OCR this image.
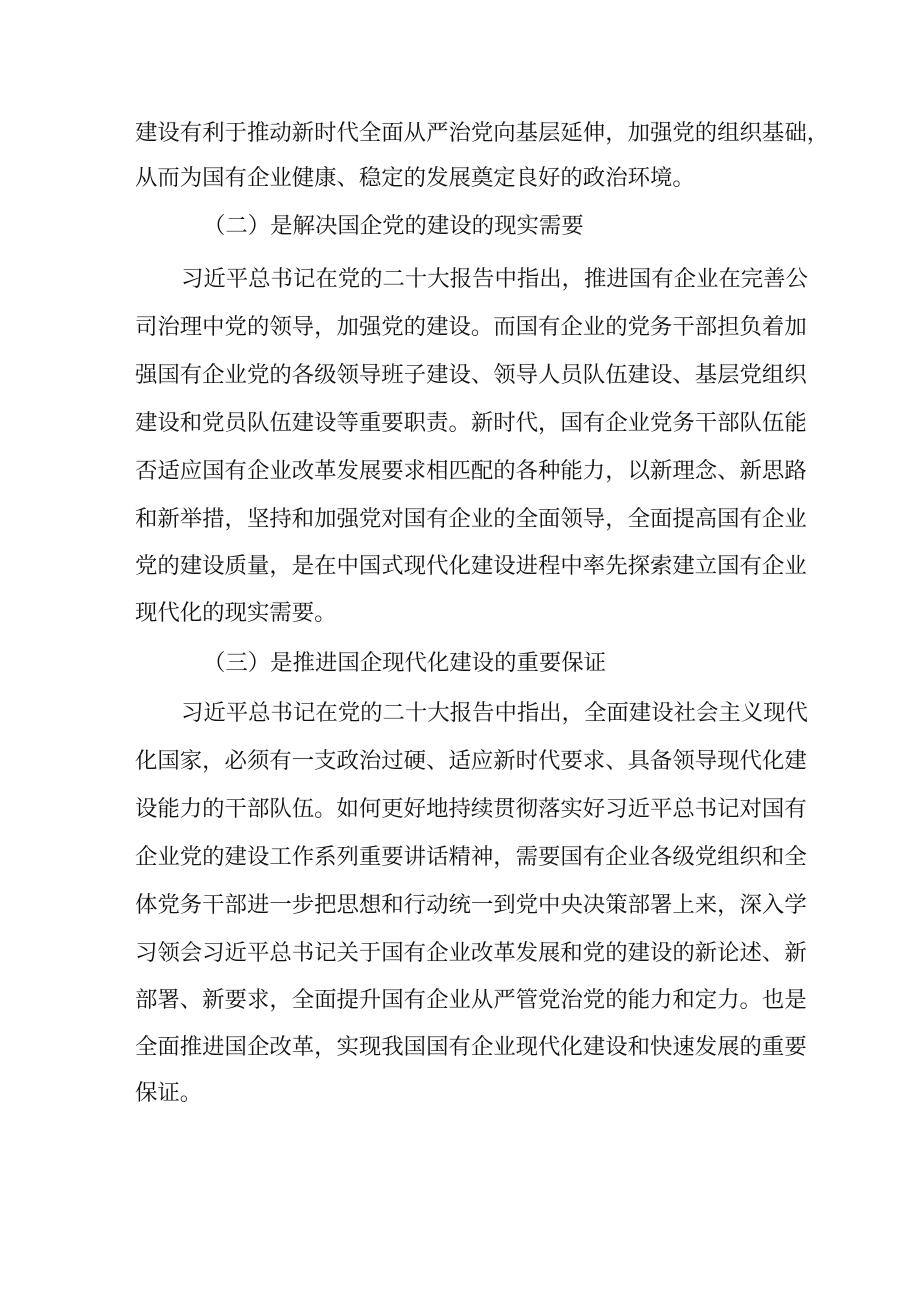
建设有利于推动新时代全面从严治党向基层延伸，加强党的组织基础，
从而为国有企业健康、稳定的发展奠定良好的政治环境。
（二）是解决国企党的建设的现实需要
习近平总书记在党的二十大报告中指出，推进国有企业在完善公
司治理中党的领导，加强党的建设。而国有企业的党务干部担负着加
强国有企业党的各级领导班子建设、领导人员队伍建设、基层党组织
建设和党员队伍建设等重要职责。新时代，国有企业党务干部队伍能
否适应国有企业改革发展要求相匹配的各种能力，以新理念、新思路
和新举措，坚持和加强党对国有企业的全面领导，全面提高国有企业
党的建设质量，是在中国式现代化建设进程中率先探索建立国有企业
现代化的现实需要。
（三）是推进国企现代化建设的重要保证
习近平总书记在党的二十大报告中指出，全面建设社会主义现代
化国家，必须有一支政治过硬、适应新时代要求、具备领导现代化建
设能力的干部队伍。如何更好地持续贯彻落实好习近平总书记对国有
企业党的建设工作系列重要讲话精神，需要国有企业各级党组织和全
体党务干部进一步把思想和行动统一到党中央决策部署上来，深入学
习领会习近平总书记关于国有企业改革发展和党的建设的新论述、新
部署、新要求，全面提升国有企业从严管党治党的能力和定力。也是
全面推进国企改革，实现我国国有企业现代化建设和快速发展的重要
保证。
